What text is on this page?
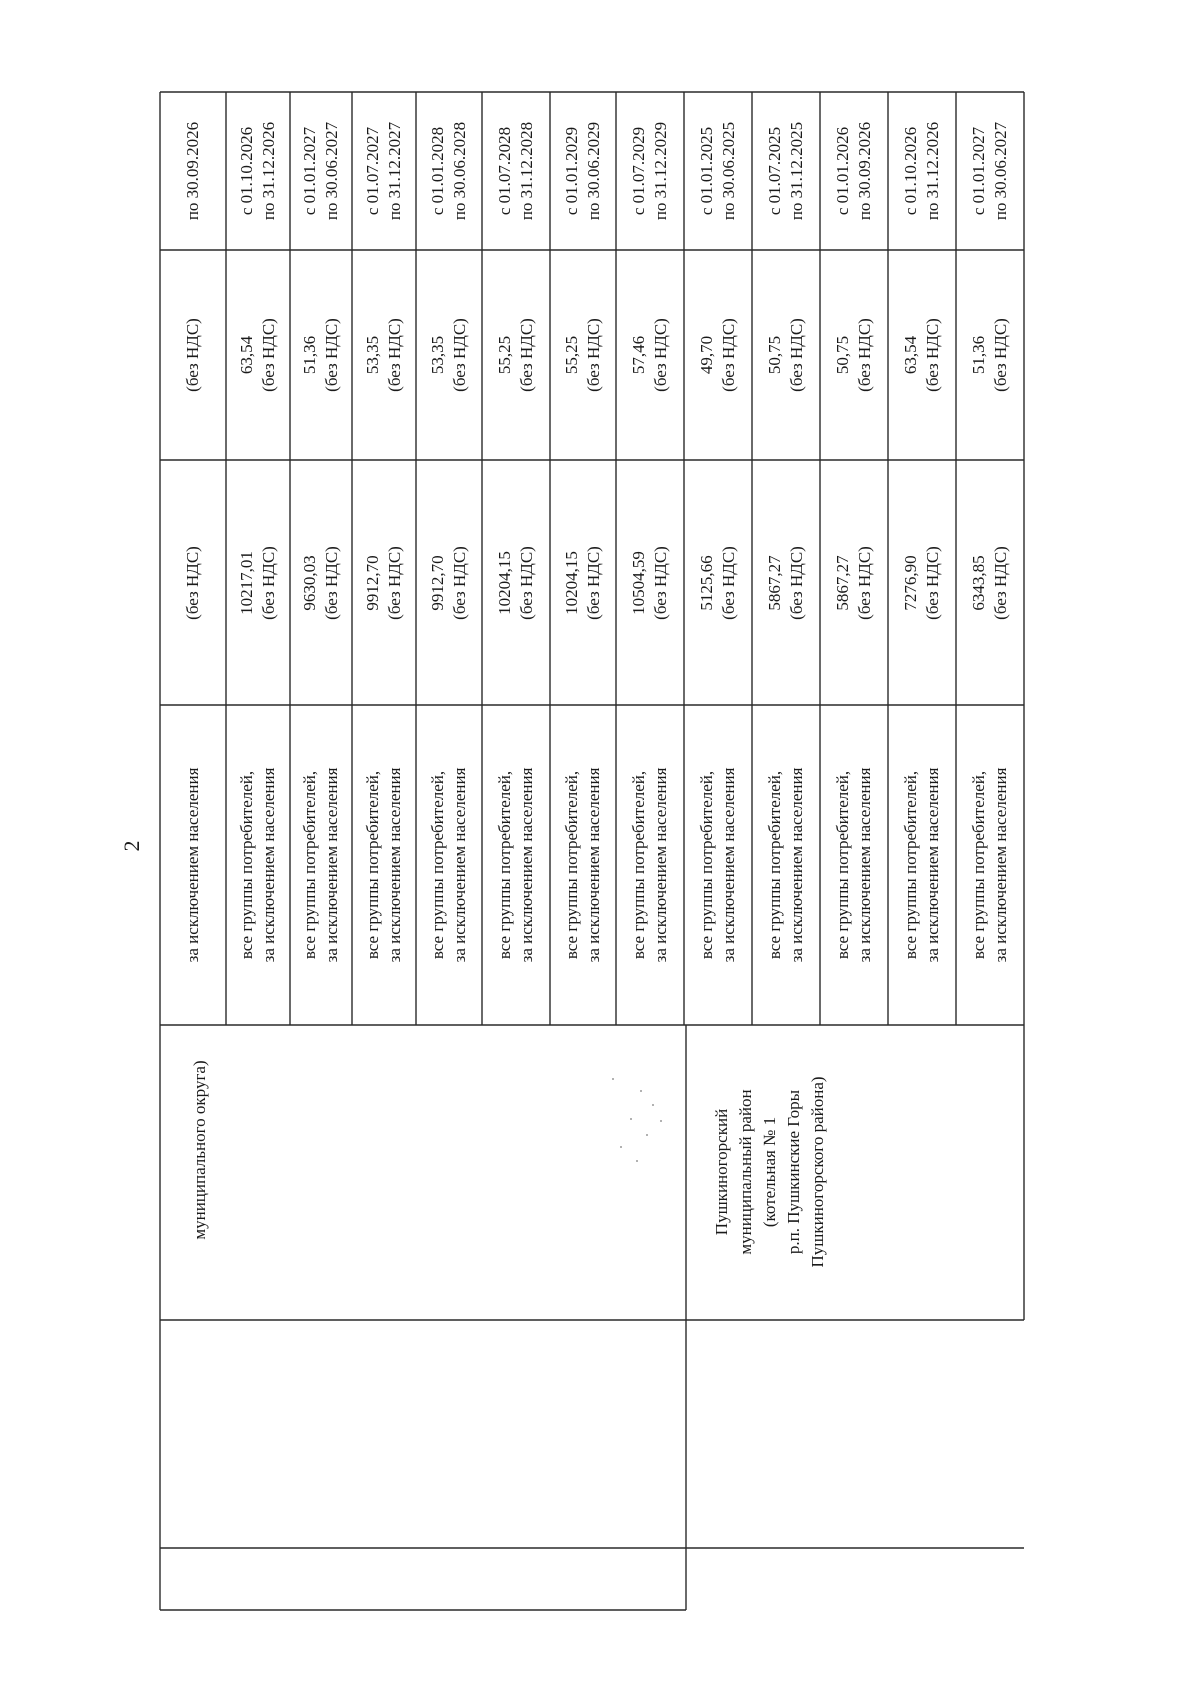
2
по 30.09.2026
(без НДС)
(без НДС)
за исключением населения
с 01.10.2026
по 31.12.2026
63,54
(без НДС)
10217,01
(без НДС)
все группы потребителей,
за исключением населения
с 01.01.2027
по 30.06.2027
51,36
(без НДС)
9630,03
(без НДС)
все группы потребителей,
за исключением населения
с 01.07.2027
по 31.12.2027
53,35
(без НДС)
9912,70
(без НДС)
все группы потребителей,
за исключением населения
с 01.01.2028
по 30.06.2028
53,35
(без НДС)
9912,70
(без НДС)
все группы потребителей,
за исключением населения
с 01.07.2028
по 31.12.2028
55,25
(без НДС)
10204,15
(без НДС)
все группы потребителей,
за исключением населения
с 01.01.2029
по 30.06.2029
55,25
(без НДС)
10204,15
(без НДС)
все группы потребителей,
за исключением населения
с 01.07.2029
по 31.12.2029
57,46
(без НДС)
10504,59
(без НДС)
все группы потребителей,
за исключением населения
с 01.01.2025
по 30.06.2025
49,70
(без НДС)
5125,66
(без НДС)
все группы потребителей,
за исключением населения
с 01.07.2025
по 31.12.2025
50,75
(без НДС)
5867,27
(без НДС)
все группы потребителей,
за исключением населения
с 01.01.2026
по 30.09.2026
50,75
(без НДС)
5867,27
(без НДС)
все группы потребителей,
за исключением населения
с 01.10.2026
по 31.12.2026
63,54
(без НДС)
7276,90
(без НДС)
все группы потребителей,
за исключением населения
с 01.01.2027
по 30.06.2027
51,36
(без НДС)
6343,85
(без НДС)
все группы потребителей,
за исключением населения
муниципального округа)	Пушкиногорский
муниципальный район
(котельная № 1
р.п. Пушкинские Горы
Пушкиногорского района)
